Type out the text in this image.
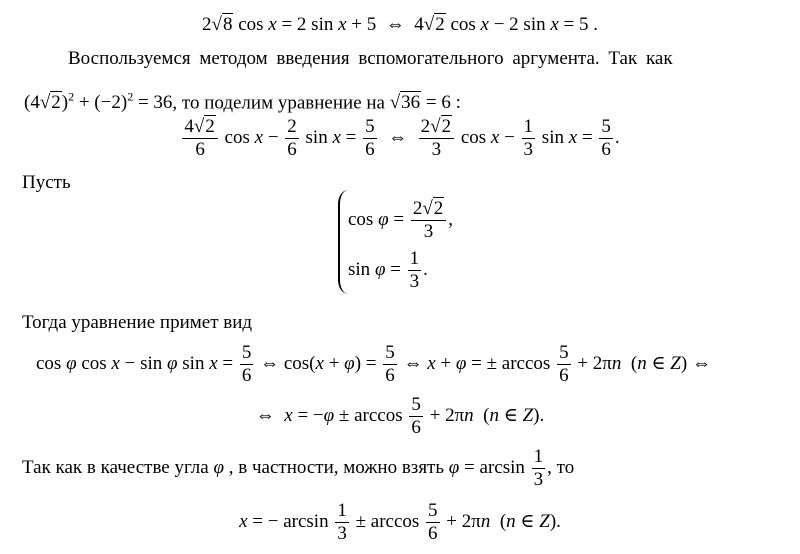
2√8 cos x = 2 sin x + 5  ⇔  4√2 cos x − 2 sin x = 5 .
Воспользуемся методом введения вспомогательного аргумента. Так как
$(4√2)^2 + (-2)^2 = 36$, то поделим уравнение на √36 = 6 :
$\frac{4√2}{6}$ $\cos x - \frac{2}{6}$ $\sin x = \frac{5}{6}$ ⇔ $\frac{2√2}{3}$ $\cos x - \frac{1}{3}$ $\sin x = \frac{5}{6}$ .
Пусть
$\cos \varphi = \frac{2√2}{3}$ ,
$\sin \varphi = \frac{1}{3}$ .
Тогда уравнение примет вид
cos φ cos x − sin φ $\sin x = \frac{5}{6}$ ⇔ $\cos(x + \varphi) = \frac{5}{6}$ ⇔ x + φ = ± $\arccos \frac{5}{6} + 2\pi n$  (n ∈ Z) ⇔
⇔  $x = -\varphi \pm \arccos \frac{5}{6} + 2\pi n$  (n ∈ Z).
Так как в качестве угла φ , в частности, можно взять $\varphi = \arcsin \frac{1}{3}$ , то
x = − $\arcsin \frac{1}{3} \pm \arccos \frac{5}{6} + 2\pi n$  (n ∈ Z).
